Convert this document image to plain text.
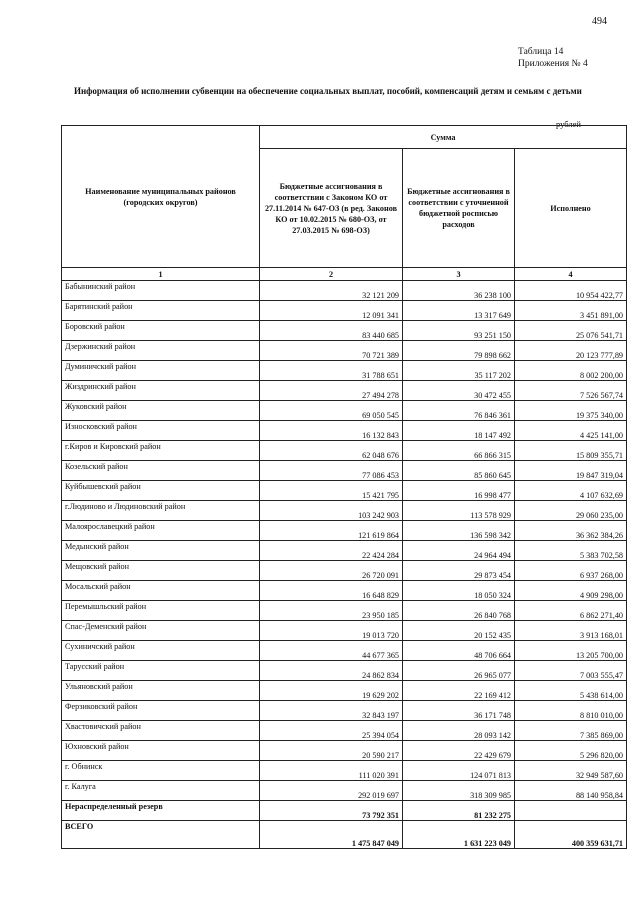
494
Таблица 14
Приложения № 4
Информация об исполнении субвенции на обеспечение социальных выплат, пособий, компенсаций детям и семьям с детьми
рублей
Наименование муниципальных районов (городских округов)	Сумма		
	Бюджетные ассигнования в соответствии с Законом КО от 27.11.2014 № 647-ОЗ (в ред. Законов КО от 10.02.2015 № 680-ОЗ, от 27.03.2015 № 698-ОЗ)	Бюджетные ассигнования в соответствии с уточненной бюджетной росписью расходов	Исполнено
1	2	3	4
Бабынинский район	32 121 209	36 238 100	10 954 422,77
Барятинский район	12 091 341	13 317 649	3 451 891,00
Боровский район	83 440 685	93 251 150	25 076 541,71
Дзержинский район	70 721 389	79 898 662	20 123 777,89
Думиничский район	31 788 651	35 117 202	8 002 200,00
Жиздринский район	27 494 278	30 472 455	7 526 567,74
Жуковский район	69 050 545	76 846 361	19 375 340,00
Износковский район	16 132 843	18 147 492	4 425 141,00
г.Киров и Кировский район	62 048 676	66 866 315	15 809 355,71
Козельский район	77 086 453	85 860 645	19 847 319,04
Куйбышевский район	15 421 795	16 998 477	4 107 632,69
г.Людиново и Людиновский район	103 242 903	113 578 929	29 060 235,00
Малоярославецкий район	121 619 864	136 598 342	36 362 384,26
Медынский район	22 424 284	24 964 494	5 383 702,58
Мещовский район	26 720 091	29 873 454	6 937 268,00
Мосальский район	16 648 829	18 050 324	4 909 298,00
Перемышльский район	23 950 185	26 840 768	6 862 271,40
Спас-Деменский район	19 013 720	20 152 435	3 913 168,01
Сухиничский район	44 677 365	48 706 664	13 205 700,00
Тарусский район	24 862 834	26 965 077	7 003 555,47
Ульяновский район	19 629 202	22 169 412	5 438 614,00
Ферзиковский район	32 843 197	36 171 748	8 810 010,00
Хвастовичский район	25 394 054	28 093 142	7 385 869,00
Юхновский район	20 590 217	22 429 679	5 296 820,00
г. Обнинск	111 020 391	124 071 813	32 949 587,60
г. Калуга	292 019 697	318 309 985	88 140 958,84
Нераспределенный резерв	73 792 351	81 232 275	
ВСЕГО	1 475 847 049	1 631 223 049	400 359 631,71
